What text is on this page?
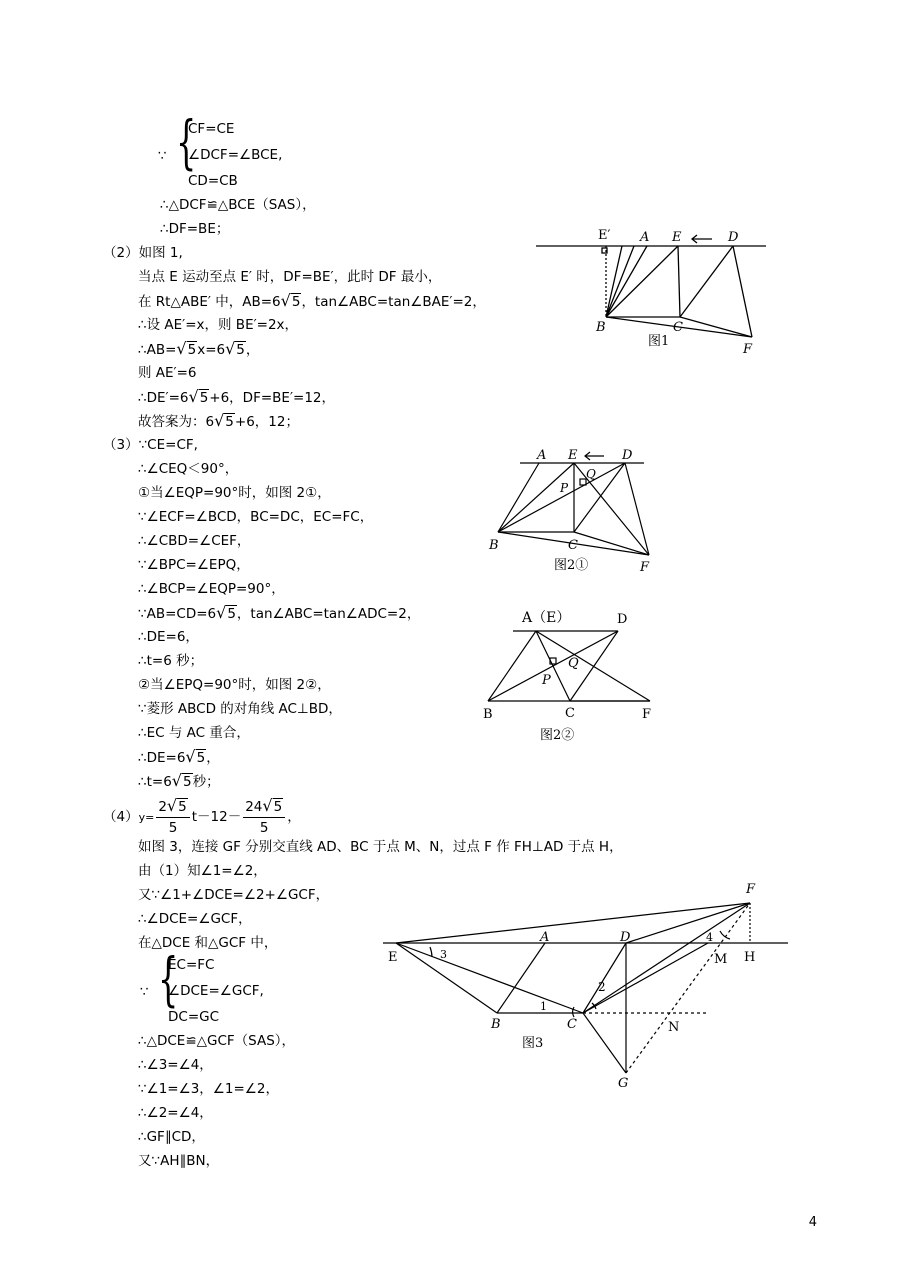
∵ {
CF=CE
∠DCF=∠BCE,
CD=CB
∴△DCF≌△BCE（SAS），
∴DF=BE；
（2）如图 1,
当点 E 运动至点 E′ 时，DF=BE′，此时 DF 最小，
在 Rt△ABE′ 中，AB=6√5，tan∠ABC=tan∠BAE′=2，
∴设 AE′=x，则 BE′=2x，
∴AB=√5x=6√5，
则 AE′=6
∴DE′=6√5+6，DF=BE′=12，
故答案为：6√5+6，12；
（3）∵CE=CF,
∴∠CEQ＜90°，
①当∠EQP=90°时，如图 2①，
∵∠ECF=∠BCD，BC=DC，EC=FC，
∴∠CBD=∠CEF，
∵∠BPC=∠EPQ，
∴∠BCP=∠EQP=90°，
∵AB=CD=6√5，tan∠ABC=tan∠ADC=2，
∴DE=6，
∴t=6 秒；
②当∠EPQ=90°时，如图 2②，
∵菱形 ABCD 的对角线 AC⊥BD，
∴EC 与 AC 重合，
∴DE=6√5，
∴t=6√5秒；
$(4)y= \frac{2√5}{5} t-12- \frac{24√5}{5}$ ，
如图 3，连接 GF 分别交直线 AD、BC 于点 M、N，过点 F 作 FH⊥AD 于点 H，
由（1）知∠1=∠2，
又∵∠1+∠DCE=∠2+∠GCF，
∴∠DCE=∠GCF，
在△DCE 和△GCF 中，
∵ {
EC=FC
∠DCE=∠GCF,
DC=GC
∴△DCE≌△GCF（SAS），
∴∠3=∠4，
∵∠1=∠3，∠1=∠2，
∴∠2=∠4，
∴GF∥CD，
又∵AH∥BN，
4
E′ A E	D
B	C
F
图1
A E	D
Q
P
B	C
F
图2①
A（E）	D
Q
P
B	C	F
图2②
F
A	D
E	3
4
M H
2
1
B	C	N
G
图3
